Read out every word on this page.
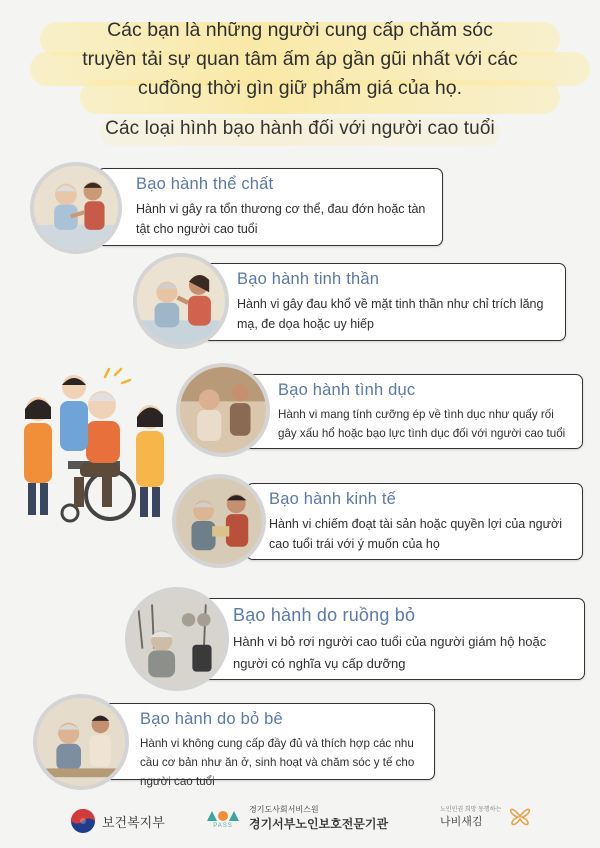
Các bạn là những người cung cấp chăm sóc
truyền tải sự quan tâm ấm áp gần gũi nhất với các
cuđồng thời gìn giữ phẩm giá của họ.
Các loại hình bạo hành đối với người cao tuổi
Bạo hành thể chất
Hành vi gây ra tổn thương cơ thể, đau đớn hoặc tàn tật cho người cao tuổi
Bạo hành tinh thần
Hành vi gây đau khổ về mặt tinh thần như chỉ trích lăng mạ, đe dọa hoặc uy hiếp
Bạo hành tình dục
Hành vi mang tính cưỡng ép về tình dục như quấy rối gây xấu hổ hoặc bạo lực tình dục đối với người cao tuổi
Bạo hành kinh tế
Hành vi chiếm đoạt tài sản hoặc quyền lợi của người cao tuổi trái với ý muốn của họ
Bạo hành do ruồng bỏ
Hành vi bỏ rơi người cao tuổi của người giám hộ hoặc người có nghĩa vụ cấp dưỡng
Bạo hành do bỏ bê
Hành vi không cung cấp đầy đủ và thích hợp các nhu cầu cơ bản như ăn ở, sinh hoạt và chăm sóc y tế cho người cao tuổi
보건복지부	PASS
경기도사회서비스원
경기서부노인보호전문기관
노인인권 희망 동행하는
나비새김
